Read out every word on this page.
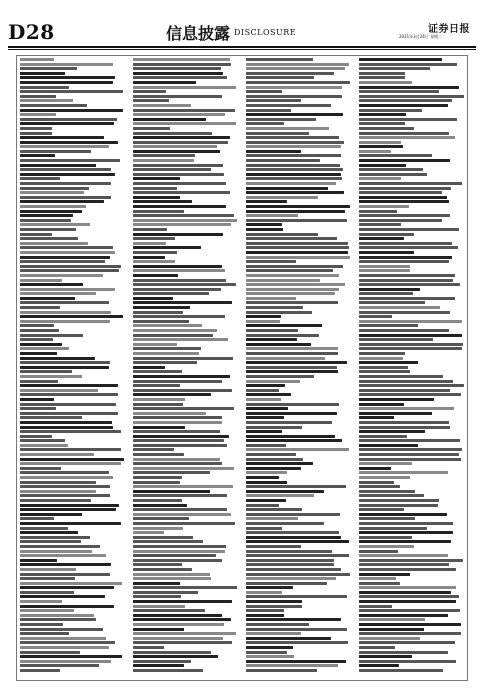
D28	信息披露 DISCLOSURE	证券日报
2021年3月24日 星期三
